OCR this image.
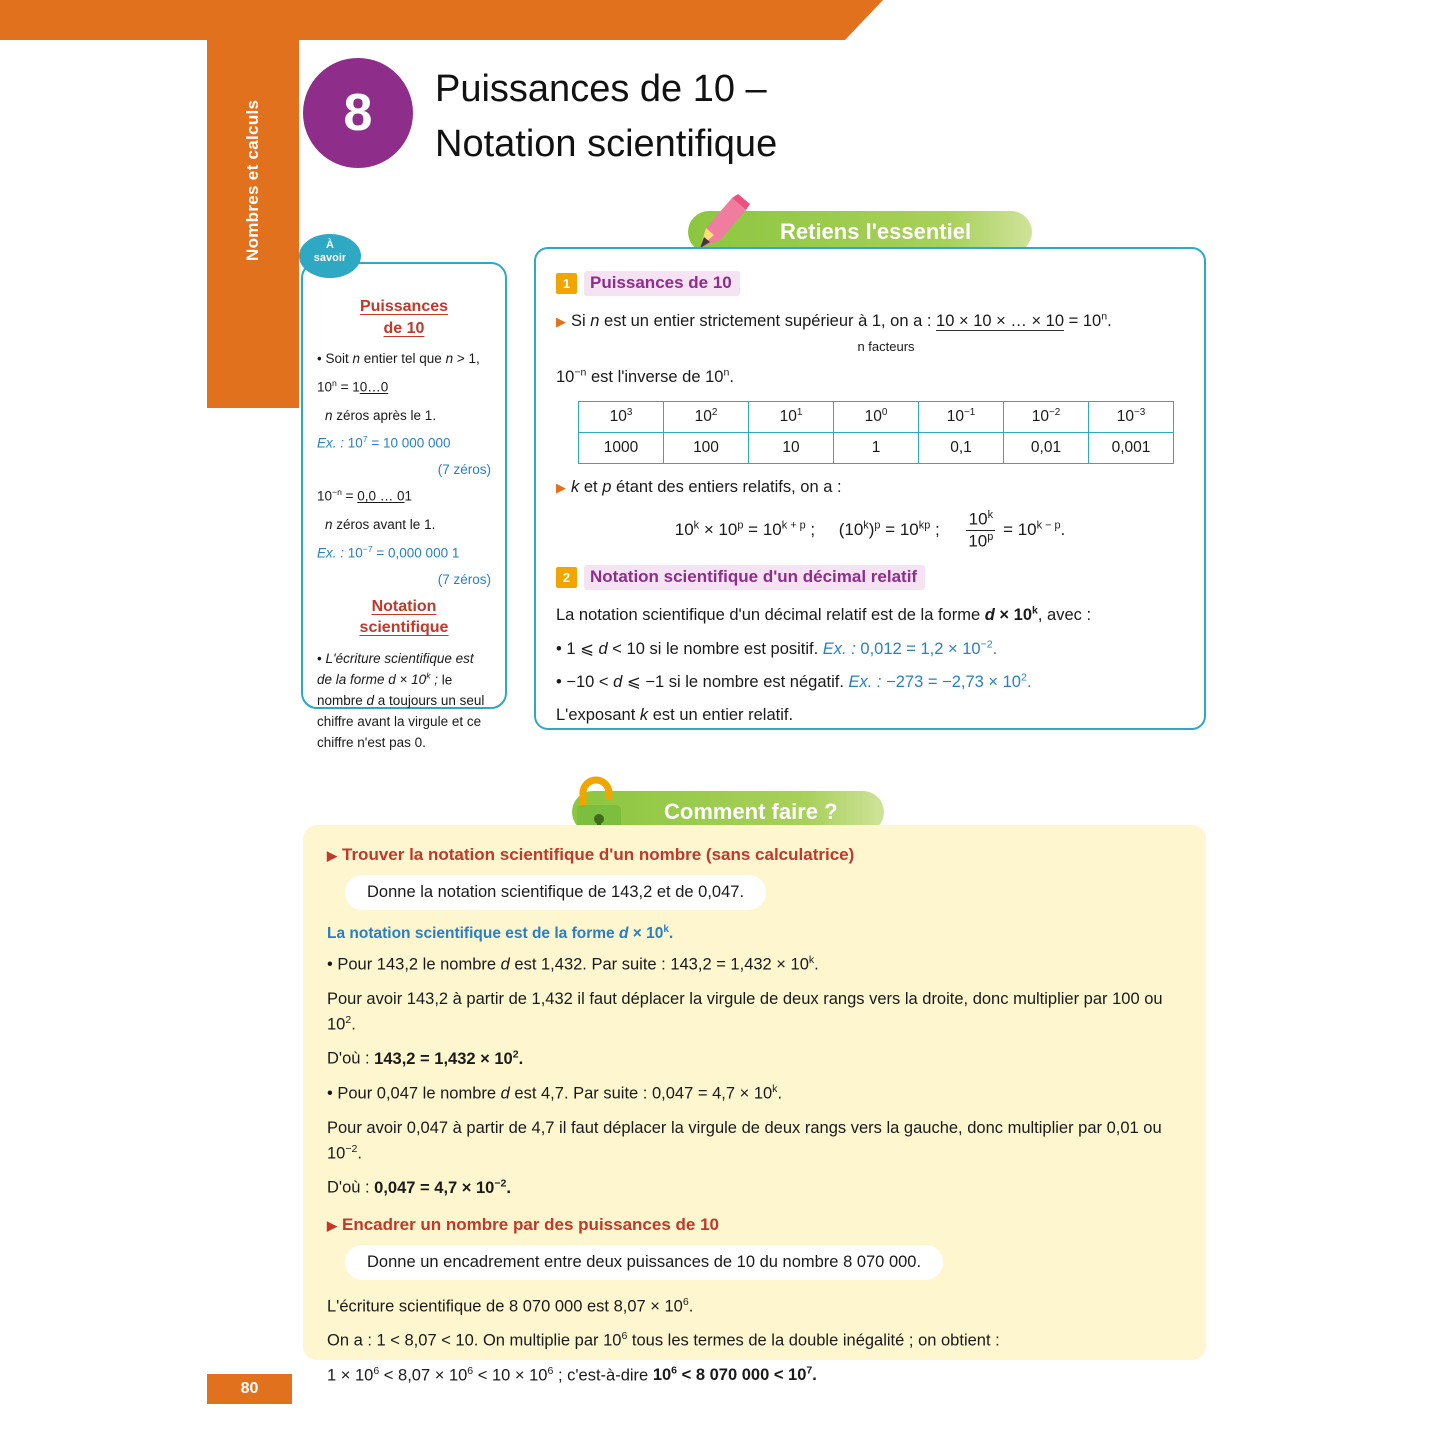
Nombres et calculs	8	Puissances de 10 –
Notation scientifique
Puissances
de 10

• Soit n entier tel que n > 1,

$10^n$ = 10…0

n zéros après le 1.

Ex. : $10^7 = 10$ 000 000

(7 zéros)

$10^{-n} = 0,0$ … 01

n zéros avant le 1.

Ex. : $10^{-7} = 0,000$ 000 1

(7 zéros)

Notation
scientifique

• L'écriture scientifique est de la forme $d \times 10^k$ ; le nombre d a toujours un seul chiffre avant la virgule et ce chiffre n'est pas 0.

À
savoir
Retiens l'essentiel
1	Puissances de 10

▶ Si n est un entier strictement supérieur à 1, on a : 10 × 10 × … × $10 = 10^n$.
n facteurs

$10^{-n}$ est l'inverse de 10$^n$.

$10^3$	$10^2$	$10^1$	$10^0$	$10^{-1}$	$10^{-2}$	$10^{-3}$
1000	100	10	1	0,1	0,01	0,001

▶ k et p étant des entiers relatifs, on a :

$10^k \times 10^p = 10^{k + p}$ ; $(10^k)^p = 10^{kp}$ ; $\frac{10^k}{10^p} = 10^{k - p}$.
2	Notation scientifique d'un décimal relatif

La notation scientifique d'un décimal relatif est de la forme $d \times 10^k$, avec :

• 1 ⩽ d < 10 si le nombre est positif. Ex. : $0,012 = 1,2 \times 10^{-2}$.

• −10 < d ⩽ −1 si le nombre est négatif. Ex. : $-273 = -2,73 \times 10^2$.

L'exposant k est un entier relatif.

Comment faire ?

▶ Trouver la notation scientifique d'un nombre (sans calculatrice)

Donne la notation scientifique de 143,2 et de 0,047.

La notation scientifique est de la forme $d \times 10^k$.

• Pour 143,2 le nombre d est 1,432. Par suite : $143,2 = 1,432 \times 10^k$.

Pour avoir 143,2 à partir de 1,432 il faut déplacer la virgule de deux rangs vers la droite, donc multiplier par 100 ou $10^2$.

D'où : $143,2 = 1,432 \times 10^2$.

• Pour 0,047 le nombre d est 4,7. Par suite : $0,047 = 4,7 \times 10^k$.

Pour avoir 0,047 à partir de 4,7 il faut déplacer la virgule de deux rangs vers la gauche, donc multiplier par 0,01 ou $10^{-2}$.

D'où : $0,047 = 4,7 \times 10^{-2}$.

▶ Encadrer un nombre par des puissances de 10

Donne un encadrement entre deux puissances de 10 du nombre 8 070 000.

L'écriture scientifique de 8 070 000 est $8,07 \times 10^6$.

On a : 1 < 8,07 < 10. On multiplie par $10^6$ tous les termes de la double inégalité ; on obtient :

$1 \times 10^6 < 8,07 \times 10^6 < 10 \times 10^6$ ; c'est-à-dire $10^6 < 8$ 070 $000 < 10^7$.

80
